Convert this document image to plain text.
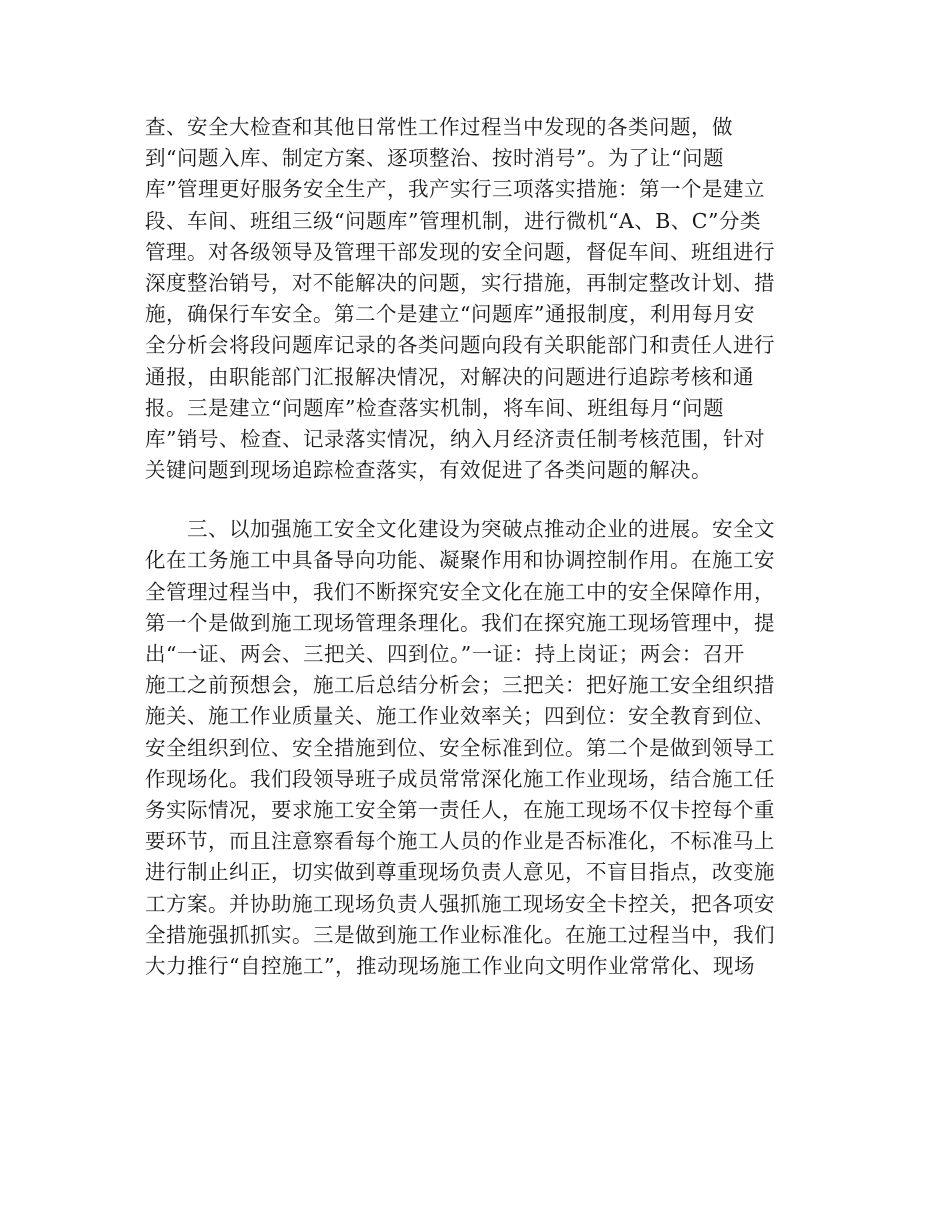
查、安全大检查和其他日常性工作过程当中发现的各类问题，做
到“问题入库、制定方案、逐项整治、按时消号”。为了让“问题
库”管理更好服务安全生产，我产实行三项落实措施：第一个是建立
段、车间、班组三级“问题库”管理机制，进行微机“A、B、C”分类
管理。对各级领导及管理干部发现的安全问题，督促车间、班组进行
深度整治销号，对不能解决的问题，实行措施，再制定整改计划、措
施，确保行车安全。第二个是建立“问题库”通报制度，利用每月安
全分析会将段问题库记录的各类问题向段有关职能部门和责任人进行
通报，由职能部门汇报解决情况，对解决的问题进行追踪考核和通
报。三是建立“问题库”检查落实机制，将车间、班组每月“问题
库”销号、检查、记录落实情况，纳入月经济责任制考核范围，针对
关键问题到现场追踪检查落实，有效促进了各类问题的解决。
　　三、以加强施工安全文化建设为突破点推动企业的进展。安全文
化在工务施工中具备导向功能、凝聚作用和协调控制作用。在施工安
全管理过程当中，我们不断探究安全文化在施工中的安全保障作用，
第一个是做到施工现场管理条理化。我们在探究施工现场管理中，提
出“一证、两会、三把关、四到位。”一证：持上岗证；两会：召开
施工之前预想会，施工后总结分析会；三把关：把好施工安全组织措
施关、施工作业质量关、施工作业效率关；四到位：安全教育到位、
安全组织到位、安全措施到位、安全标准到位。第二个是做到领导工
作现场化。我们段领导班子成员常常深化施工作业现场，结合施工任
务实际情况，要求施工安全第一责任人，在施工现场不仅卡控每个重
要环节，而且注意察看每个施工人员的作业是否标准化，不标准马上
进行制止纠正，切实做到尊重现场负责人意见，不盲目指点，改变施
工方案。并协助施工现场负责人强抓施工现场安全卡控关，把各项安
全措施强抓抓实。三是做到施工作业标准化。在施工过程当中，我们
大力推行“自控施工”，推动现场施工作业向文明作业常常化、现场
